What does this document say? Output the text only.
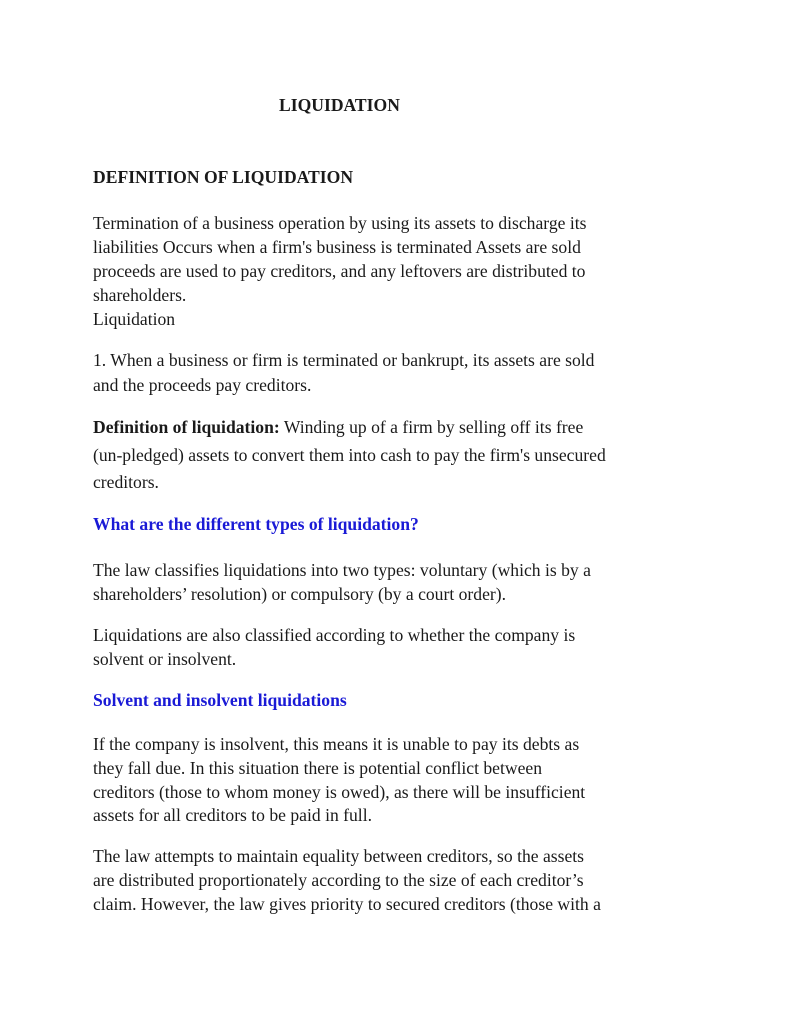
LIQUIDATION
DEFINITION OF LIQUIDATION
Termination of a business operation by using its assets to discharge its
liabilities Occurs when a firm's business is terminated Assets are sold
proceeds are used to pay creditors, and any leftovers are distributed to
shareholders.
Liquidation
1. When a business or firm is terminated or bankrupt, its assets are sold
and the proceeds pay creditors.
Definition of liquidation: Winding up of a firm by selling off its free
(un-pledged) assets to convert them into cash to pay the firm's unsecured
creditors.
What are the different types of liquidation?
The law classifies liquidations into two types: voluntary (which is by a
shareholders’ resolution) or compulsory (by a court order).
Liquidations are also classified according to whether the company is
solvent or insolvent.
Solvent and insolvent liquidations
If the company is insolvent, this means it is unable to pay its debts as
they fall due. In this situation there is potential conflict between
creditors (those to whom money is owed), as there will be insufficient
assets for all creditors to be paid in full.
The law attempts to maintain equality between creditors, so the assets
are distributed proportionately according to the size of each creditor’s
claim. However, the law gives priority to secured creditors (those with a
